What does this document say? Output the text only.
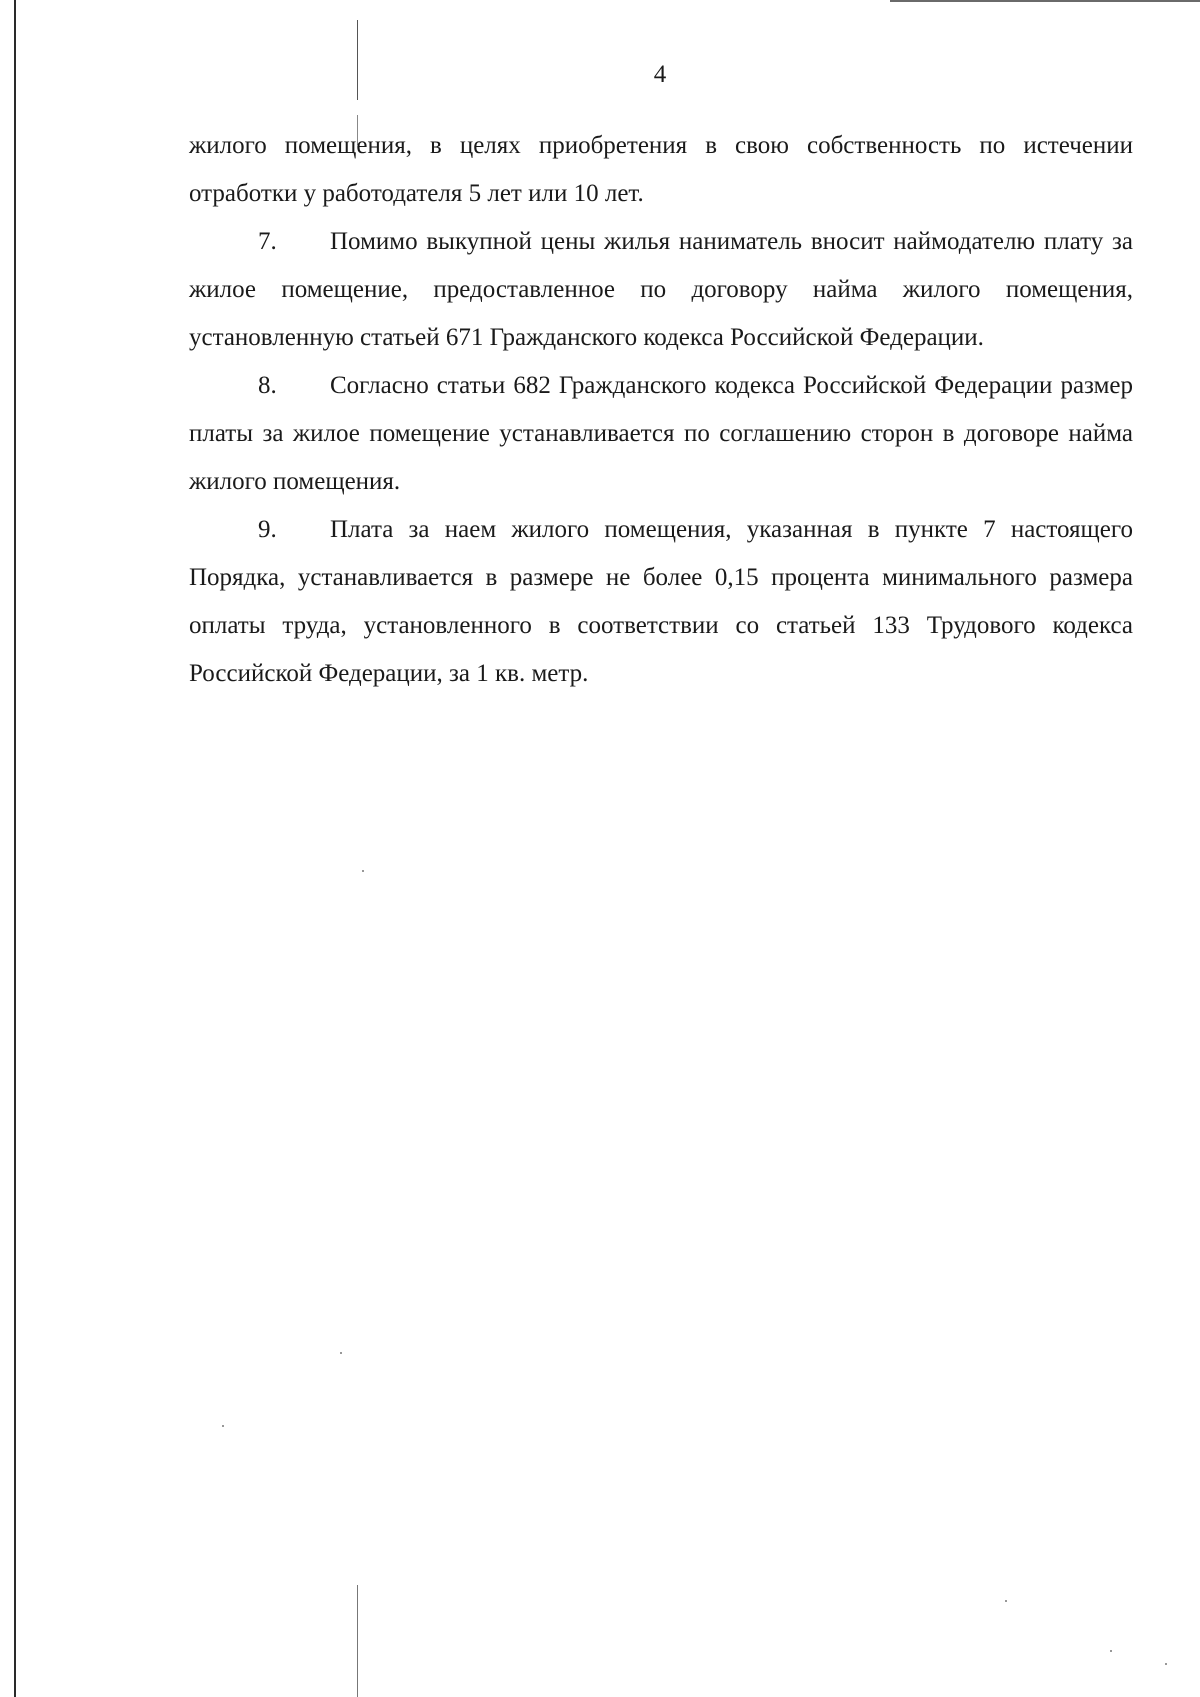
4

жилого помещения, в целях приобретения в свою собственность по истечении отработки у работодателя 5 лет или 10 лет.

7. Помимо выкупной цены жилья наниматель вносит наймодателю плату за жилое помещение, предоставленное по договору найма жилого помещения, установленную статьей 671 Гражданского кодекса Российской Федерации.

8. Согласно статьи 682 Гражданского кодекса Российской Федерации размер платы за жилое помещение устанавливается по соглашению сторон в договоре найма жилого помещения.

9. Плата за наем жилого помещения, указанная в пункте 7 настоящего Порядка, устанавливается в размере не более 0,15 процента минимального размера оплаты труда, установленного в соответствии со статьей 133 Трудового кодекса Российской Федерации, за 1 кв. метр.
